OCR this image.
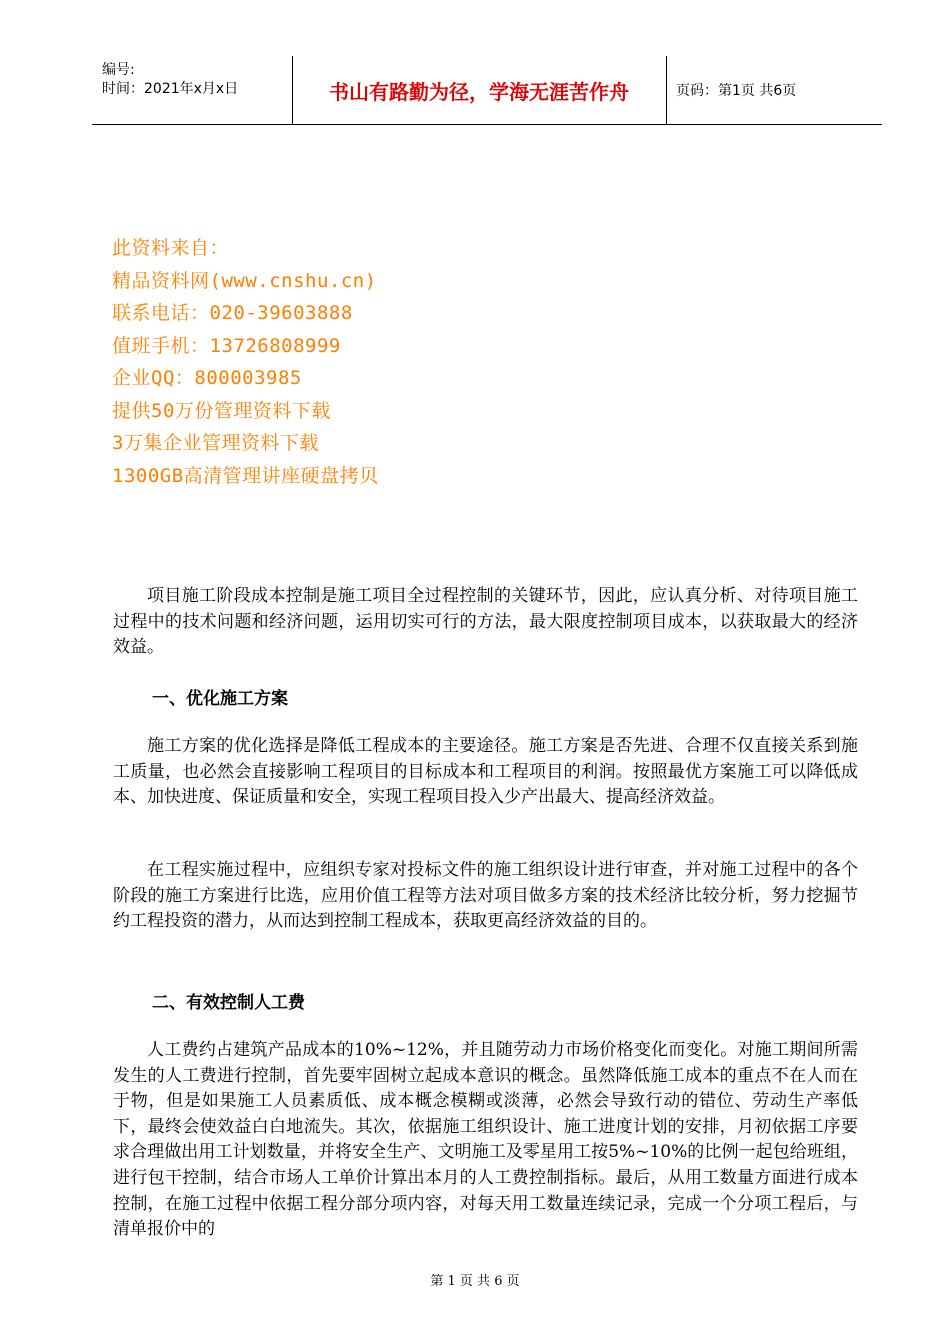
编号:
时间：2021年x月x日	书山有路勤为径，学海无涯苦作舟	页码：第1页 共6页
此资料来自：
精品资料网(www.cnshu.cn)
联系电话：020-39603888
值班手机：13726808999
企业QQ：800003985
提供50万份管理资料下载
3万集企业管理资料下载
1300GB高清管理讲座硬盘拷贝

项目施工阶段成本控制是施工项目全过程控制的关键环节，因此，应认真分析、对待项目施工过程中的技术问题和经济问题，运用切实可行的方法，最大限度控制项目成本，以获取最大的经济效益。

一、优化施工方案

施工方案的优化选择是降低工程成本的主要途径。施工方案是否先进、合理不仅直接关系到施工质量，也必然会直接影响工程项目的目标成本和工程项目的利润。按照最优方案施工可以降低成本、加快进度、保证质量和安全，实现工程项目投入少产出最大、提高经济效益。

在工程实施过程中，应组织专家对投标文件的施工组织设计进行审查，并对施工过程中的各个阶段的施工方案进行比选，应用价值工程等方法对项目做多方案的技术经济比较分析，努力挖掘节约工程投资的潜力，从而达到控制工程成本，获取更高经济效益的目的。

二、有效控制人工费

人工费约占建筑产品成本的10%~12%，并且随劳动力市场价格变化而变化。对施工期间所需发生的人工费进行控制，首先要牢固树立起成本意识的概念。虽然降低施工成本的重点不在人而在于物，但是如果施工人员素质低、成本概念模糊或淡薄，必然会导致行动的错位、劳动生产率低下，最终会使效益白白地流失。其次，依据施工组织设计、施工进度计划的安排，月初依据工序要求合理做出用工计划数量，并将安全生产、文明施工及零星用工按5%~10%的比例一起包给班组，进行包干控制，结合市场人工单价计算出本月的人工费控制指标。最后，从用工数量方面进行成本控制，在施工过程中依据工程分部分项内容，对每天用工数量连续记录，完成一个分项工程后，与清单报价中的

第 1 页 共 6 页
